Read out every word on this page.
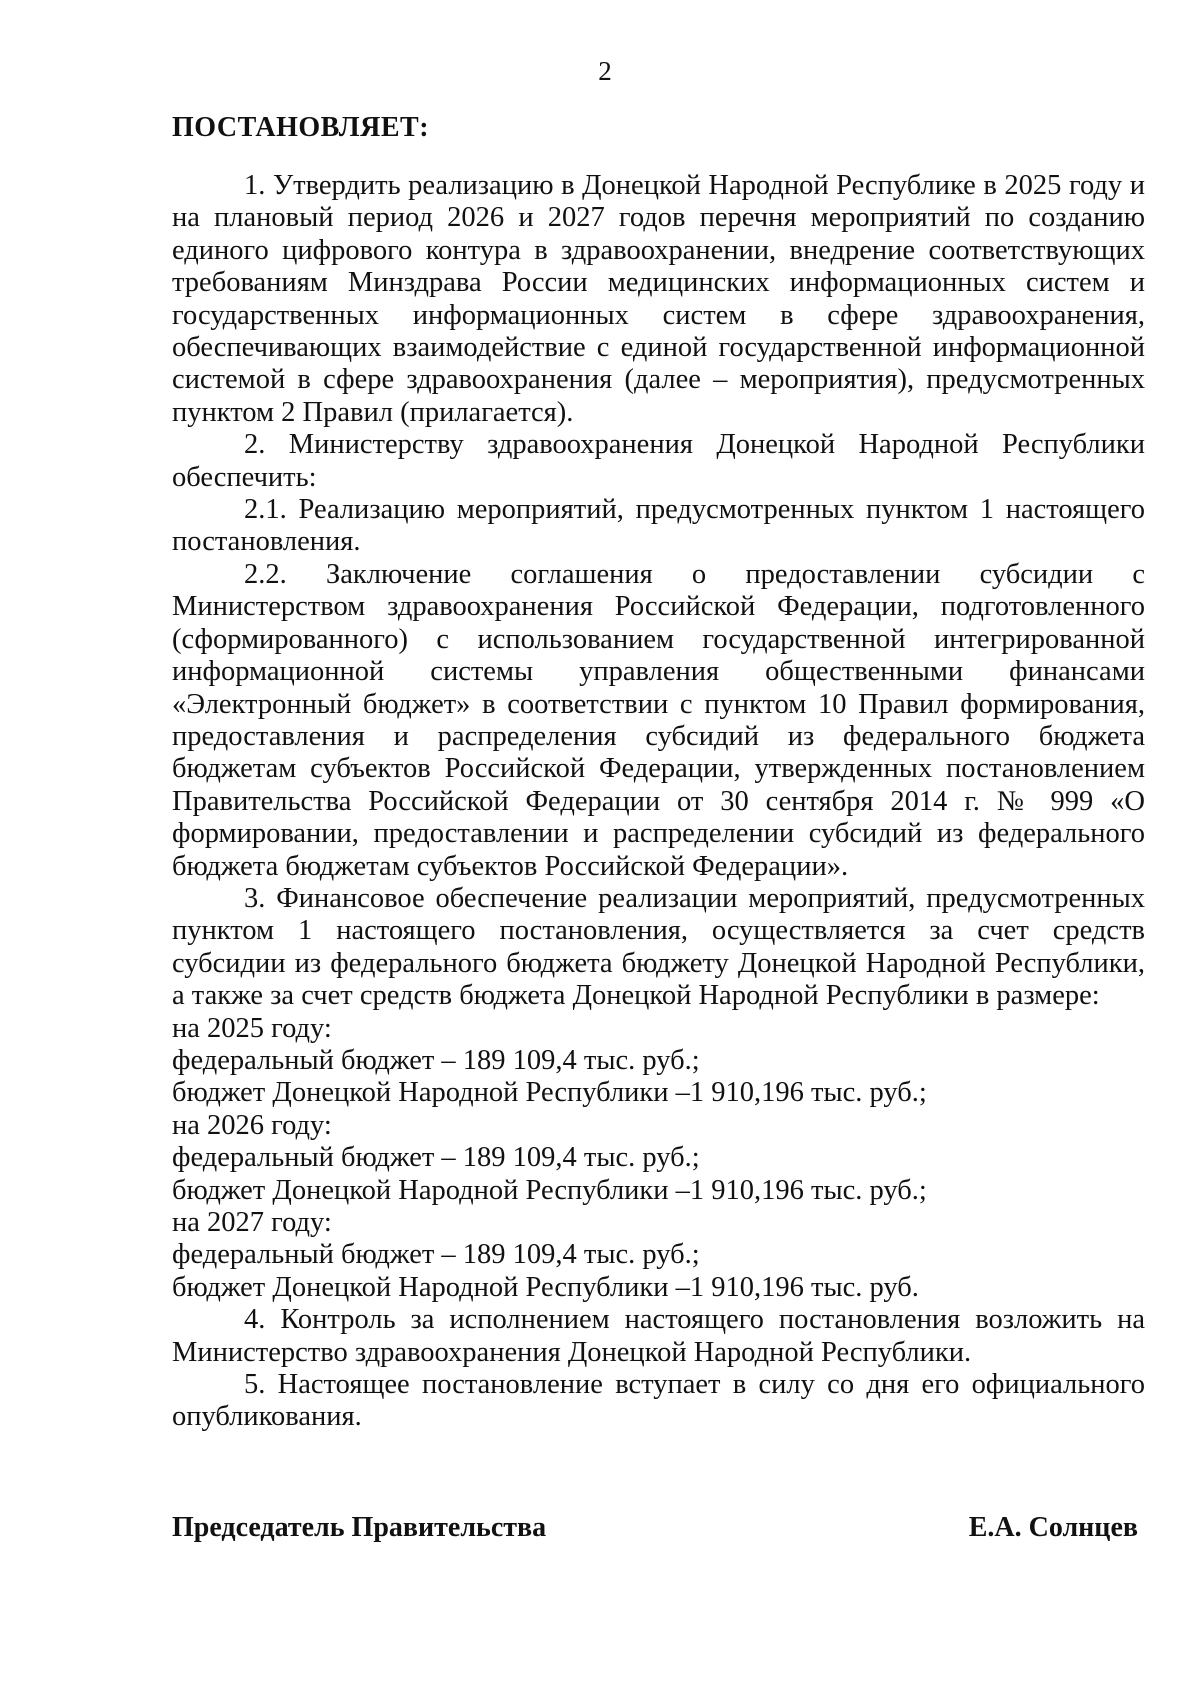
2
ПОСТАНОВЛЯЕТ:

1. Утвердить реализацию в Донецкой Народной Республике в 2025 году и на плановый период 2026 и 2027 годов перечня мероприятий по созданию единого цифрового контура в здравоохранении, внедрение соответствующих требованиям Минздрава России медицинских информационных систем и государственных информационных систем в сфере здравоохранения, обеспечивающих взаимодействие с единой государственной информационной системой в сфере здравоохранения (далее – мероприятия), предусмотренных пунктом 2 Правил (прилагается).

2. Министерству здравоохранения Донецкой Народной Республики обеспечить:

2.1. Реализацию мероприятий, предусмотренных пунктом 1 настоящего постановления.

2.2. Заключение соглашения о предоставлении субсидии с Министерством здравоохранения Российской Федерации, подготовленного (сформированного) с использованием государственной интегрированной информационной системы управления общественными финансами «Электронный бюджет» в соответствии с пунктом 10 Правил формирования, предоставления и распределения субсидий из федерального бюджета бюджетам субъектов Российской Федерации, утвержденных постановлением Правительства Российской Федерации от 30 сентября 2014 г. № 999 «О формировании, предоставлении и распределении субсидий из федерального бюджета бюджетам субъектов Российской Федерации».

3. Финансовое обеспечение реализации мероприятий, предусмотренных пунктом 1 настоящего постановления, осуществляется за счет средств субсидии из федерального бюджета бюджету Донецкой Народной Республики, а также за счет средств бюджета Донецкой Народной Республики в размере:

на 2025 году:

федеральный бюджет – 189 109,4 тыс. руб.;

бюджет Донецкой Народной Республики –1 910,196 тыс. руб.;

на 2026 году:

федеральный бюджет – 189 109,4 тыс. руб.;

бюджет Донецкой Народной Республики –1 910,196 тыс. руб.;

на 2027 году:

федеральный бюджет – 189 109,4 тыс. руб.;

бюджет Донецкой Народной Республики –1 910,196 тыс. руб.

4. Контроль за исполнением настоящего постановления возложить на Министерство здравоохранения Донецкой Народной Республики.

5. Настоящее постановление вступает в силу со дня его официального опубликования.

Председатель Правительства	Е.А. Солнцев
